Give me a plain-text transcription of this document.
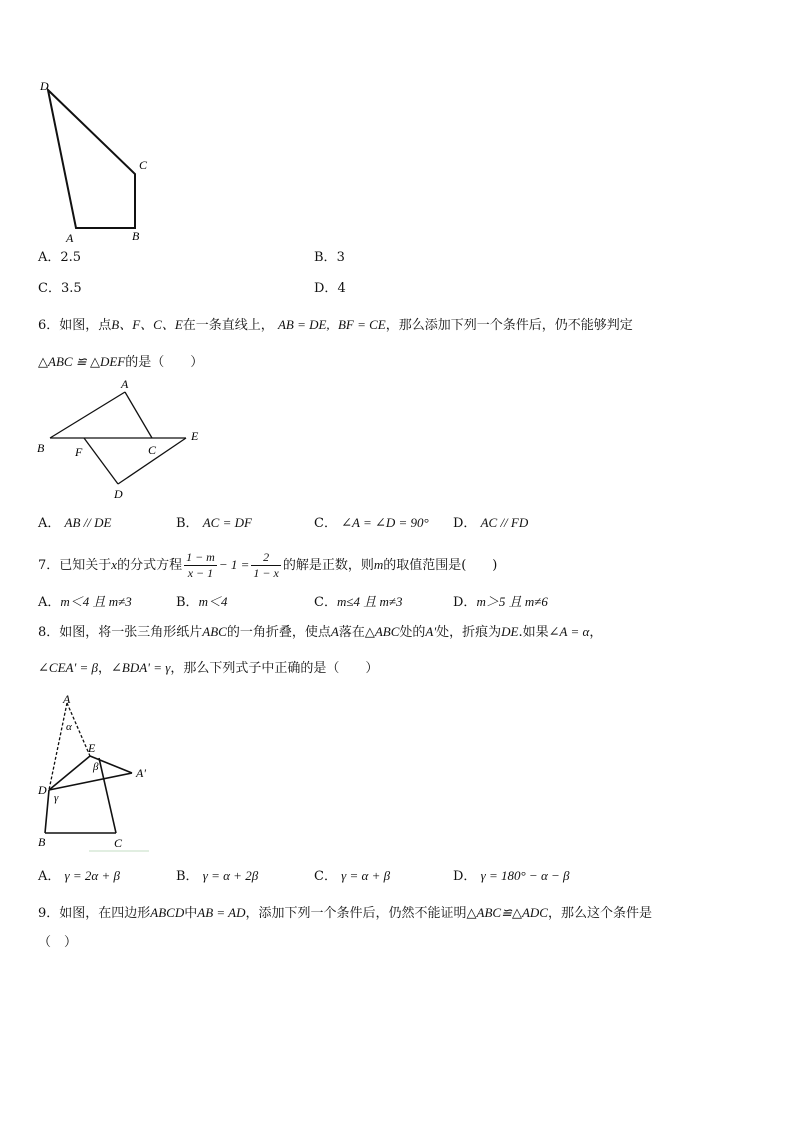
D
C
A	B
A．2.5	B．3
C．3.5	D．4
6．如图，点B、F、C、E在一条直线上， AB = DE, BF = CE，那么添加下列一个条件后，仍不能够判定
△ABC ≌ △DEF的是（　　）
A
B
E
F	C
D
A． AB // DE	B． AC = DF	C． ∠A = ∠D = 90° D． AC // FD
7．已知关于x的分式方程 $\frac{1 - m}{x - 1} - 1 = \frac{2}{1 - x}$ 的解是正数，则m的取值范围是(　　)
A．m＜4 且 m≠3	B．m＜4	C．m≤4 且 m≠3	D．m＞5 且 m≠6
8．如图，将一张三角形纸片ABC的一角折叠，使点A落在△ABC处的A'处，折痕为DE.如果∠A = α，
∠CEA' = β，∠BDA' = γ，那么下列式子中正确的是（　　）
A
α
E
β	A'
D
γ
B	C
A． γ = 2α + β	B． γ = α + 2β	C． γ = α + β	D． γ = 180° − α − β
9．如图，在四边形ABCD中AB = AD，添加下列一个条件后，仍然不能证明△ABC≌△ADC，那么这个条件是
（　）
